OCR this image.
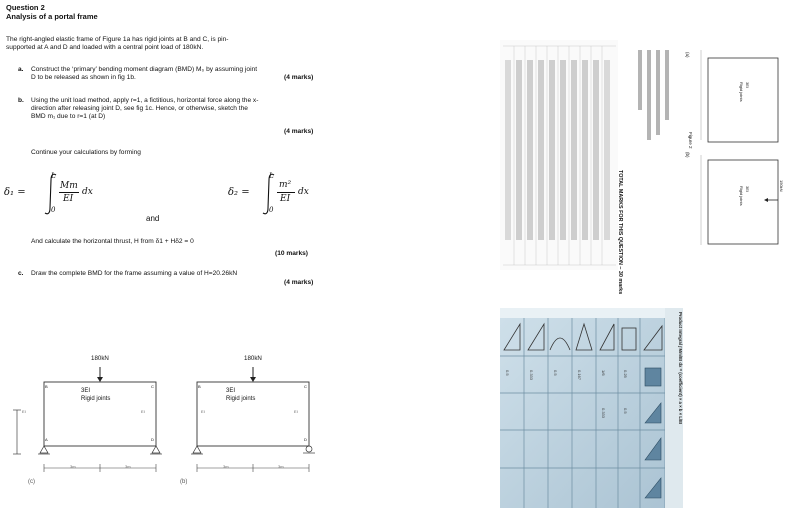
Question 2
Analysis of a portal frame
The right-angled elastic frame of Figure 1a has rigid joints at B and C, is pin-
supported at A and D and loaded with a central point load of 180kN.
a. Construct the ‘primary’ bending moment diagram (BMD) M₀ by assuming joint
D to be released as shown in fig 1b.	(4 marks)
b. Using the unit load method, apply r=1, a fictitious, horizontal force along the x-
direction after releasing joint D, see fig 1c. Hence, or otherwise, sketch the
BMD m₁ due to r=1 (at D)
(4 marks)
Continue your calculations by forming
δ₁ =
L
0
Mm
EI
dx	δ₂ =
L
0
m²
EI
dx
and
And calculate the horizontal thrust, H from δ1 + Hδ2 = 0
(10 marks)
c. Draw the complete BMD for the frame assuming a value of H=20.26kN
(4 marks)
180kN
3EI
Rigid joints
B	C
A	D
EI	EI
3m	3m
(c)
180kN
3EI
Rigid joints
B	C
D
EI	EI
3m	3m
(b)
TOTAL MARKS FOR THIS QUESTION – 30 marks
Figure 2
3EI
Rigid joints
3EI
Rigid joints
150kN
(a)
(b)
Product Integral ∫ Mm/EI dx = (coefficient) × a × b × L/EI
0.5	0.333	0.5	0.167	1/6	0.25
0.333	0.5
